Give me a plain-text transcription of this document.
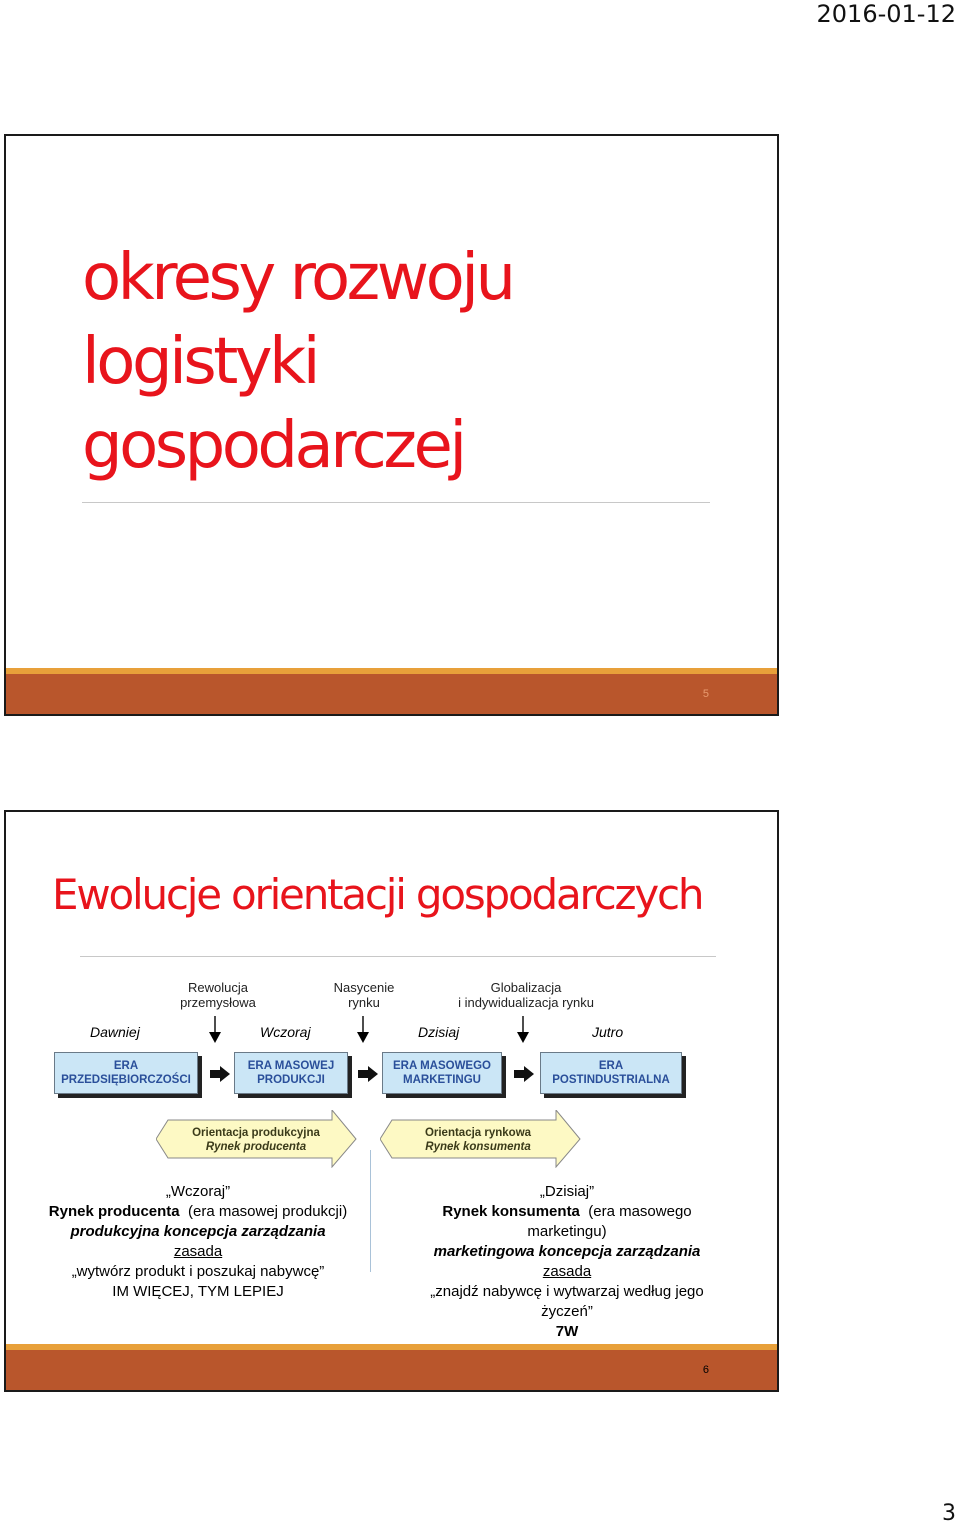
2016-01-12
okresy rozwoju
logistyki
gospodarczej
5
Ewolucje orientacji gospodarczych
Rewolucja
przemysłowa
Nasycenie
rynku
Globalizacja
i indywidualizacja rynku
Dawniej	Wczoraj	Dzisiaj	Jutro
ERA
PRZEDSIĘBIORCZOŚCI
ERA MASOWEJ
PRODUKCJI
ERA MASOWEGO
MARKETINGU
ERA
POSTINDUSTRIALNA
Orientacja produkcyjna
Rynek producenta
Orientacja rynkowa
Rynek konsumenta
„Wczoraj”
Rynek producenta (era masowej produkcji)
produkcyjna koncepcja zarządzania
zasada
„wytwórz produkt i poszukaj nabywcę”
IM WIĘCEJ, TYM LEPIEJ
„Dzisiaj”
Rynek konsumenta (era masowego
marketingu)
marketingowa koncepcja zarządzania
zasada
„znajdź nabywcę i wytwarzaj według jego
życzeń”
7W
6
3
